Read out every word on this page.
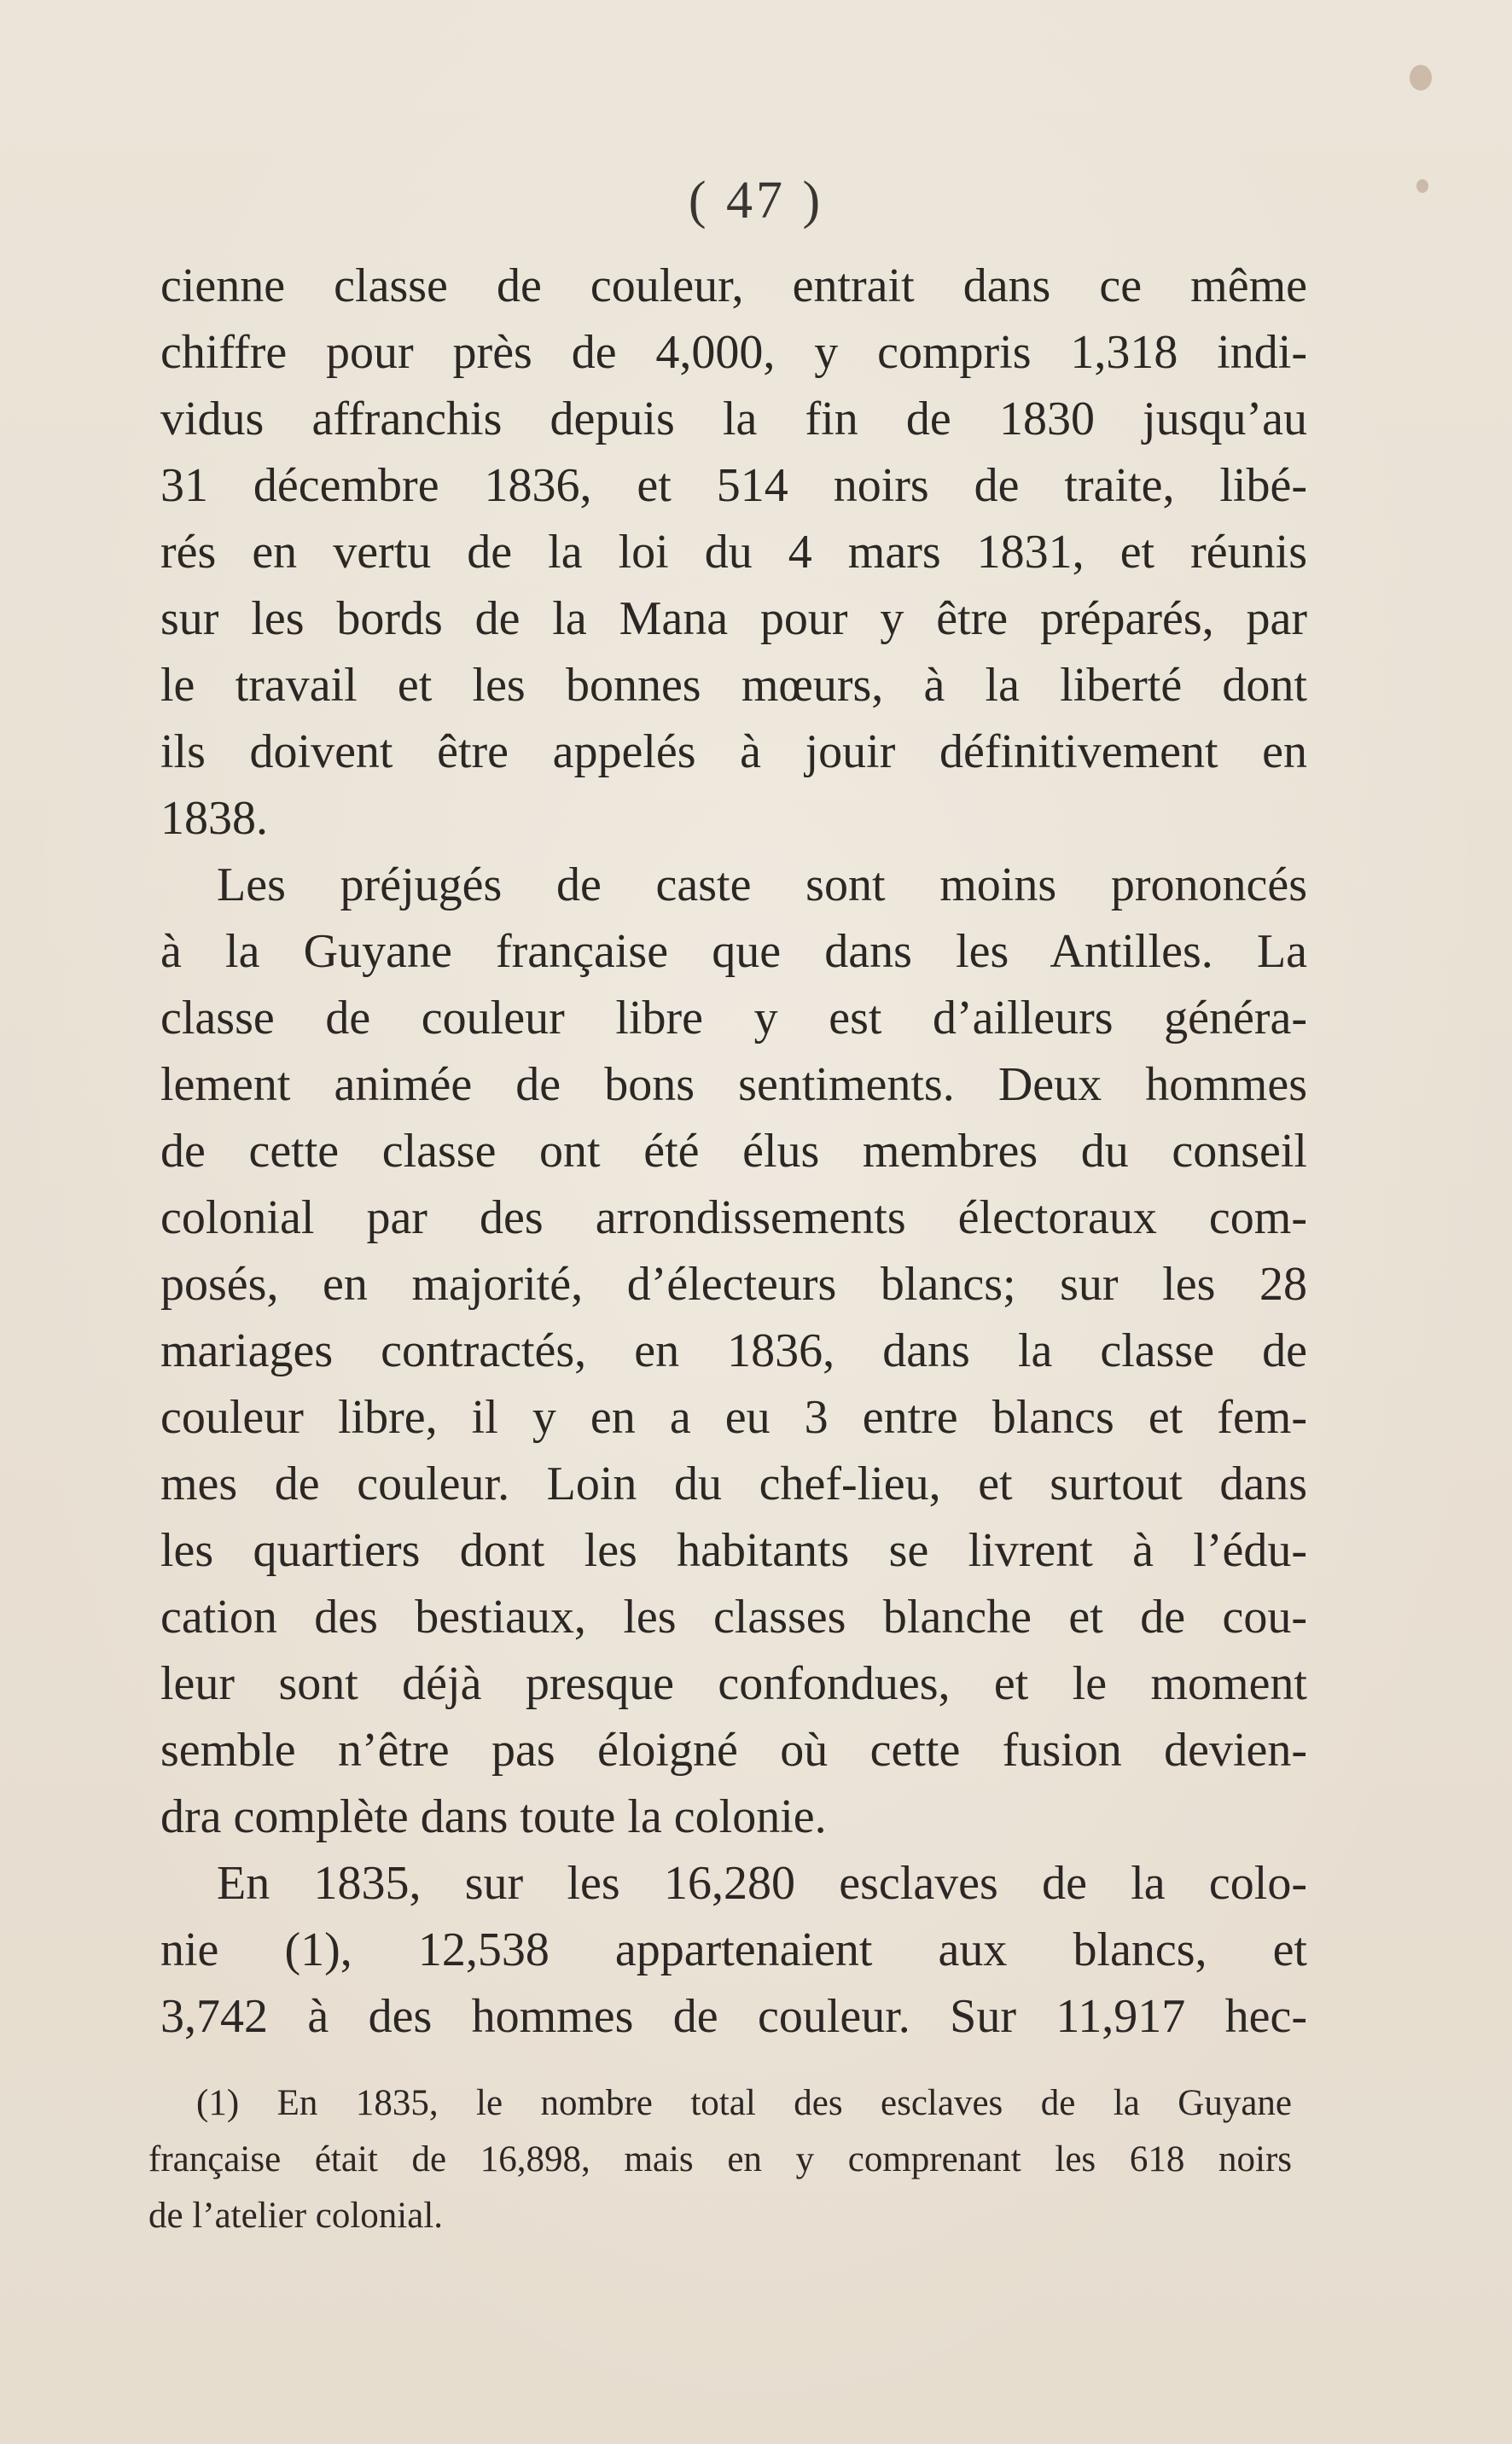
( 47 )
cienne classe de couleur, entrait dans ce même
chiffre pour près de 4,000, y compris 1,318 indi-
vidus affranchis depuis la fin de 1830 jusqu’au
31 décembre 1836, et 514 noirs de traite, libé-
rés en vertu de la loi du 4 mars 1831, et réunis
sur les bords de la Mana pour y être préparés, par
le travail et les bonnes mœurs, à la liberté dont
ils doivent être appelés à jouir définitivement en
1838.
Les préjugés de caste sont moins prononcés
à la Guyane française que dans les Antilles. La
classe de couleur libre y est d’ailleurs généra-
lement animée de bons sentiments. Deux hommes
de cette classe ont été élus membres du conseil
colonial par des arrondissements électoraux com-
posés, en majorité, d’électeurs blancs; sur les 28
mariages contractés, en 1836, dans la classe de
couleur libre, il y en a eu 3 entre blancs et fem-
mes de couleur. Loin du chef-lieu, et surtout dans
les quartiers dont les habitants se livrent à l’édu-
cation des bestiaux, les classes blanche et de cou-
leur sont déjà presque confondues, et le moment
semble n’être pas éloigné où cette fusion devien-
dra complète dans toute la colonie.
En 1835, sur les 16,280 esclaves de la colo-
nie (1), 12,538 appartenaient aux blancs, et
3,742 à des hommes de couleur. Sur 11,917 hec-
(1) En 1835, le nombre total des esclaves de la Guyane
française était de 16,898, mais en y comprenant les 618 noirs
de l’atelier colonial.
